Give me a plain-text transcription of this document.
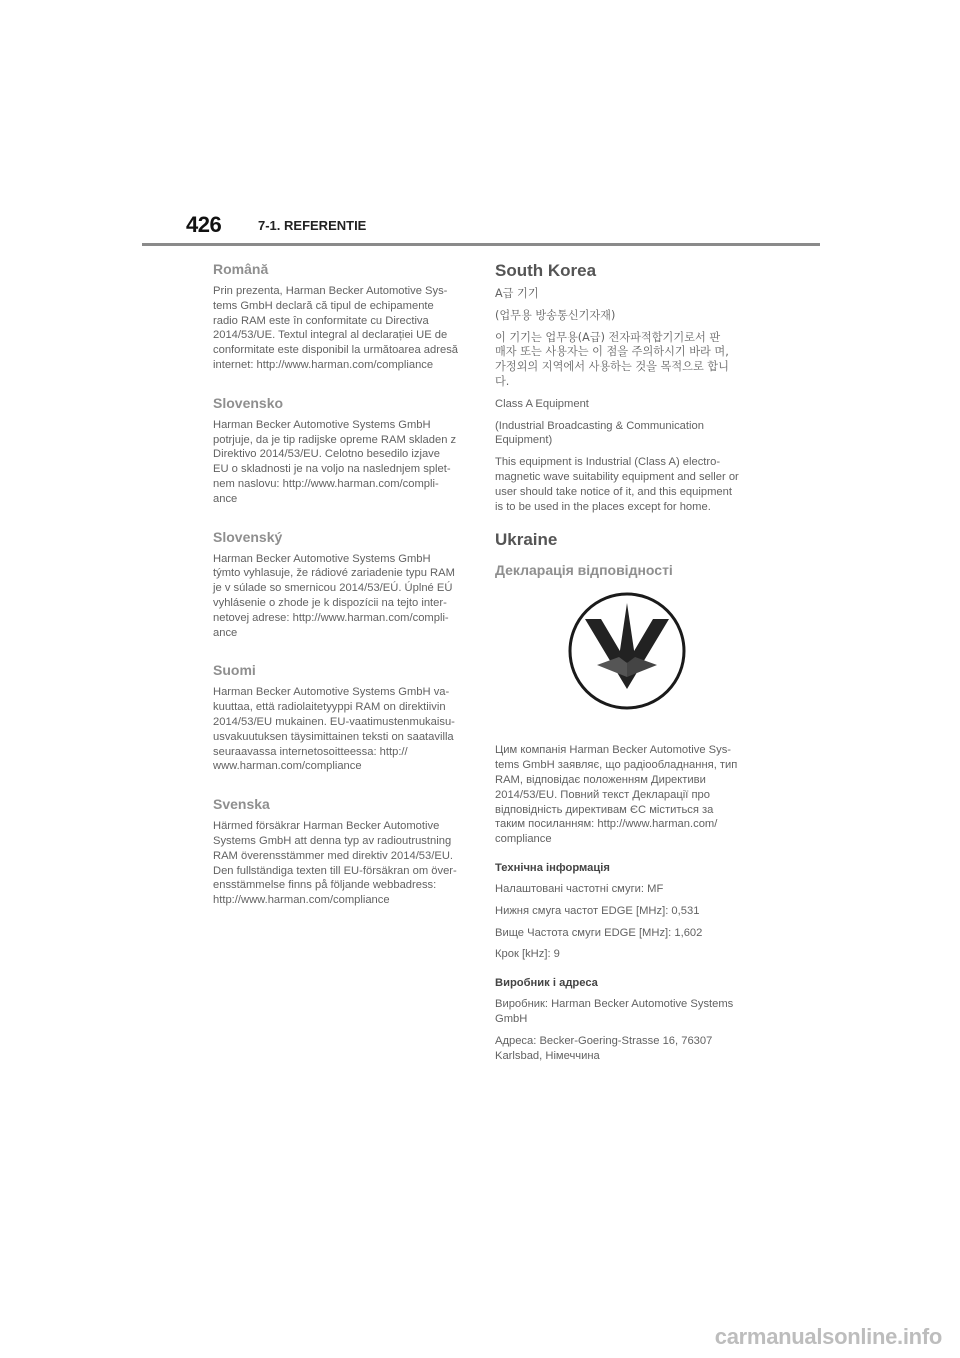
426	7-1. REFERENTIE
Română
Prin prezenta, Harman Becker Automotive Sys-
tems GmbH declară că tipul de echipamente
radio RAM este în conformitate cu Directiva
2014/53/UE. Textul integral al declarației UE de
conformitate este disponibil la următoarea adresă
internet: http://www.harman.com/compliance
Slovensko
Harman Becker Automotive Systems GmbH
potrjuje, da je tip radijske opreme RAM skladen z
Direktivo 2014/53/EU. Celotno besedilo izjave
EU o skladnosti je na voljo na naslednjem splet-
nem naslovu: http://www.harman.com/compli-
ance
Slovenský
Harman Becker Automotive Systems GmbH
týmto vyhlasuje, že rádiové zariadenie typu RAM
je v súlade so smernicou 2014/53/EÚ. Úplné EÚ
vyhlásenie o zhode je k dispozícii na tejto inter-
netovej adrese: http://www.harman.com/compli-
ance
Suomi
Harman Becker Automotive Systems GmbH va-
kuuttaa, että radiolaitetyyppi RAM on direktiivin
2014/53/EU mukainen. EU-vaatimustenmukaisu-
usvakuutuksen täysimittainen teksti on saatavilla
seuraavassa internetosoitteessa: http://
www.harman.com/compliance
Svenska
Härmed försäkrar Harman Becker Automotive
Systems GmbH att denna typ av radioutrustning
RAM överensstämmer med direktiv 2014/53/EU.
Den fullständiga texten till EU-försäkran om över-
ensstämmelse finns på följande webbadress:
http://www.harman.com/compliance
South Korea
A급 기기
(업무용 방송통신기자재)
이 기기는 업무용(A급) 전자파적합기기로서 판
매자 또는 사용자는 이 점을 주의하시기 바라 며,
가정외의 지역에서 사용하는 것을 목적으로 합니
다.
Class A Equipment
(Industrial Broadcasting & Communication
Equipment)
This equipment is Industrial (Class A) electro-
magnetic wave suitability equipment and seller or
user should take notice of it, and this equipment
is to be used in the places except for home.
Ukraine
Декларація відповідності
Цим компанія Harman Becker Automotive Sys-
tems GmbH заявляє, що радіообладнання, тип
RAM, відповідає положенням Директиви
2014/53/EU. Повний текст Декларації про
відповідність директивам ЄС міститься за
таким посиланням: http://www.harman.com/
compliance
Технічна інформація
Налаштовані частотні смуги: MF
Нижня смуга частот EDGE [MHz]: 0,531
Вище Частота смуги EDGE [MHz]: 1,602
Крок [kHz]: 9
Виробник і адреса
Виробник: Harman Becker Automotive Systems
GmbH
Адреса: Becker-Goering-Strasse 16, 76307
Karlsbad, Німеччина
carmanualsonline.info
